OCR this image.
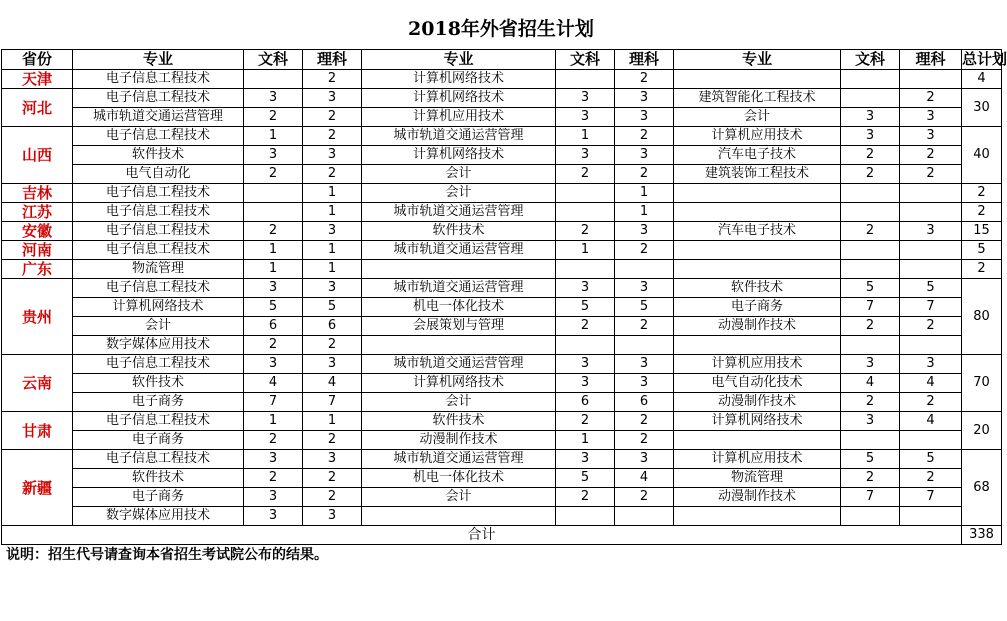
2018年外省招生计划
省份	专业	文科	理科	专业	文科	理科	专业	文科	理科	总计划
天津	电子信息工程技术		2	计算机网络技术		2				4
河北	电子信息工程技术	3	3	计算机网络技术	3	3	建筑智能化工程技术		2	30
	城市轨道交通运营管理	2	2	计算机应用技术	3	3	会计	3	3	
山西	电子信息工程技术	1	2	城市轨道交通运营管理	1	2	计算机应用技术	3	3	40
	软件技术	3	3	计算机网络技术	3	3	汽车电子技术	2	2	
	电气自动化	2	2	会计	2	2	建筑装饰工程技术	2	2	
吉林	电子信息工程技术		1	会计		1				2
江苏	电子信息工程技术		1	城市轨道交通运营管理		1				2
安徽	电子信息工程技术	2	3	软件技术	2	3	汽车电子技术	2	3	15
河南	电子信息工程技术	1	1	城市轨道交通运营管理	1	2				5
广东	物流管理	1	1							2
贵州	电子信息工程技术	3	3	城市轨道交通运营管理	3	3	软件技术	5	5	80
	计算机网络技术	5	5	机电一体化技术	5	5	电子商务	7	7	
	会计	6	6	会展策划与管理	2	2	动漫制作技术	2	2	
	数字媒体应用技术	2	2							
云南	电子信息工程技术	3	3	城市轨道交通运营管理	3	3	计算机应用技术	3	3	70
	软件技术	4	4	计算机网络技术	3	3	电气自动化技术	4	4	
	电子商务	7	7	会计	6	6	动漫制作技术	2	2	
甘肃	电子信息工程技术	1	1	软件技术	2	2	计算机网络技术	3	4	20
	电子商务	2	2	动漫制作技术	1	2				
新疆	电子信息工程技术	3	3	城市轨道交通运营管理	3	3	计算机应用技术	5	5	68
	软件技术	2	2	机电一体化技术	5	4	物流管理	2	2	
	电子商务	3	2	会计	2	2	动漫制作技术	7	7	
	数字媒体应用技术	3	3							
合计										338
说明：招生代号请查询本省招生考试院公布的结果。
